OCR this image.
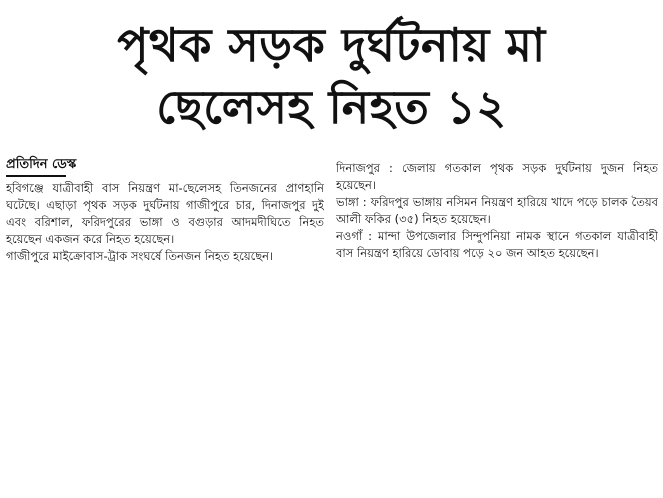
পৃথক সড়ক দুর্ঘটনায় মা
ছেলেসহ নিহত ১২
প্রতিদিন ডেস্ক

হবিগঞ্জে যাত্রীবাহী বাস নিয়ন্ত্রণ মা-ছেলেসহ তিনজনের প্রাণহানি ঘটেছে। এছাড়া পৃথক সড়ক দুর্ঘটনায় গাজীপুরে চার, দিনাজপুর দুই এবং বরিশাল, ফরিদপুরের ভাঙ্গা ও বগুড়ার আদমদীঘিতে নিহত হয়েছেন একজন করে নিহত হয়েছেন।

গাজীপুরে মাইক্রোবাস-ট্রাক সংঘর্ষে তিনজন নিহত হয়েছেন।

দিনাজপুর : জেলায় গতকাল পৃথক সড়ক দুর্ঘটনায় দুজন নিহত হয়েছেন।

ভাঙ্গা : ফরিদপুর ভাঙ্গায় নসিমন নিয়ন্ত্রণ হারিয়ে খাদে পড়ে চালক তৈয়ব আলী ফকির (৩৫) নিহত হয়েছেন।

নওগাঁ : মান্দা উপজেলার সিন্দুপনিয়া নামক স্থানে গতকাল যাত্রীবাহী বাস নিয়ন্ত্রণ হারিয়ে ডোবায় পড়ে ২০ জন আহত হয়েছেন।
